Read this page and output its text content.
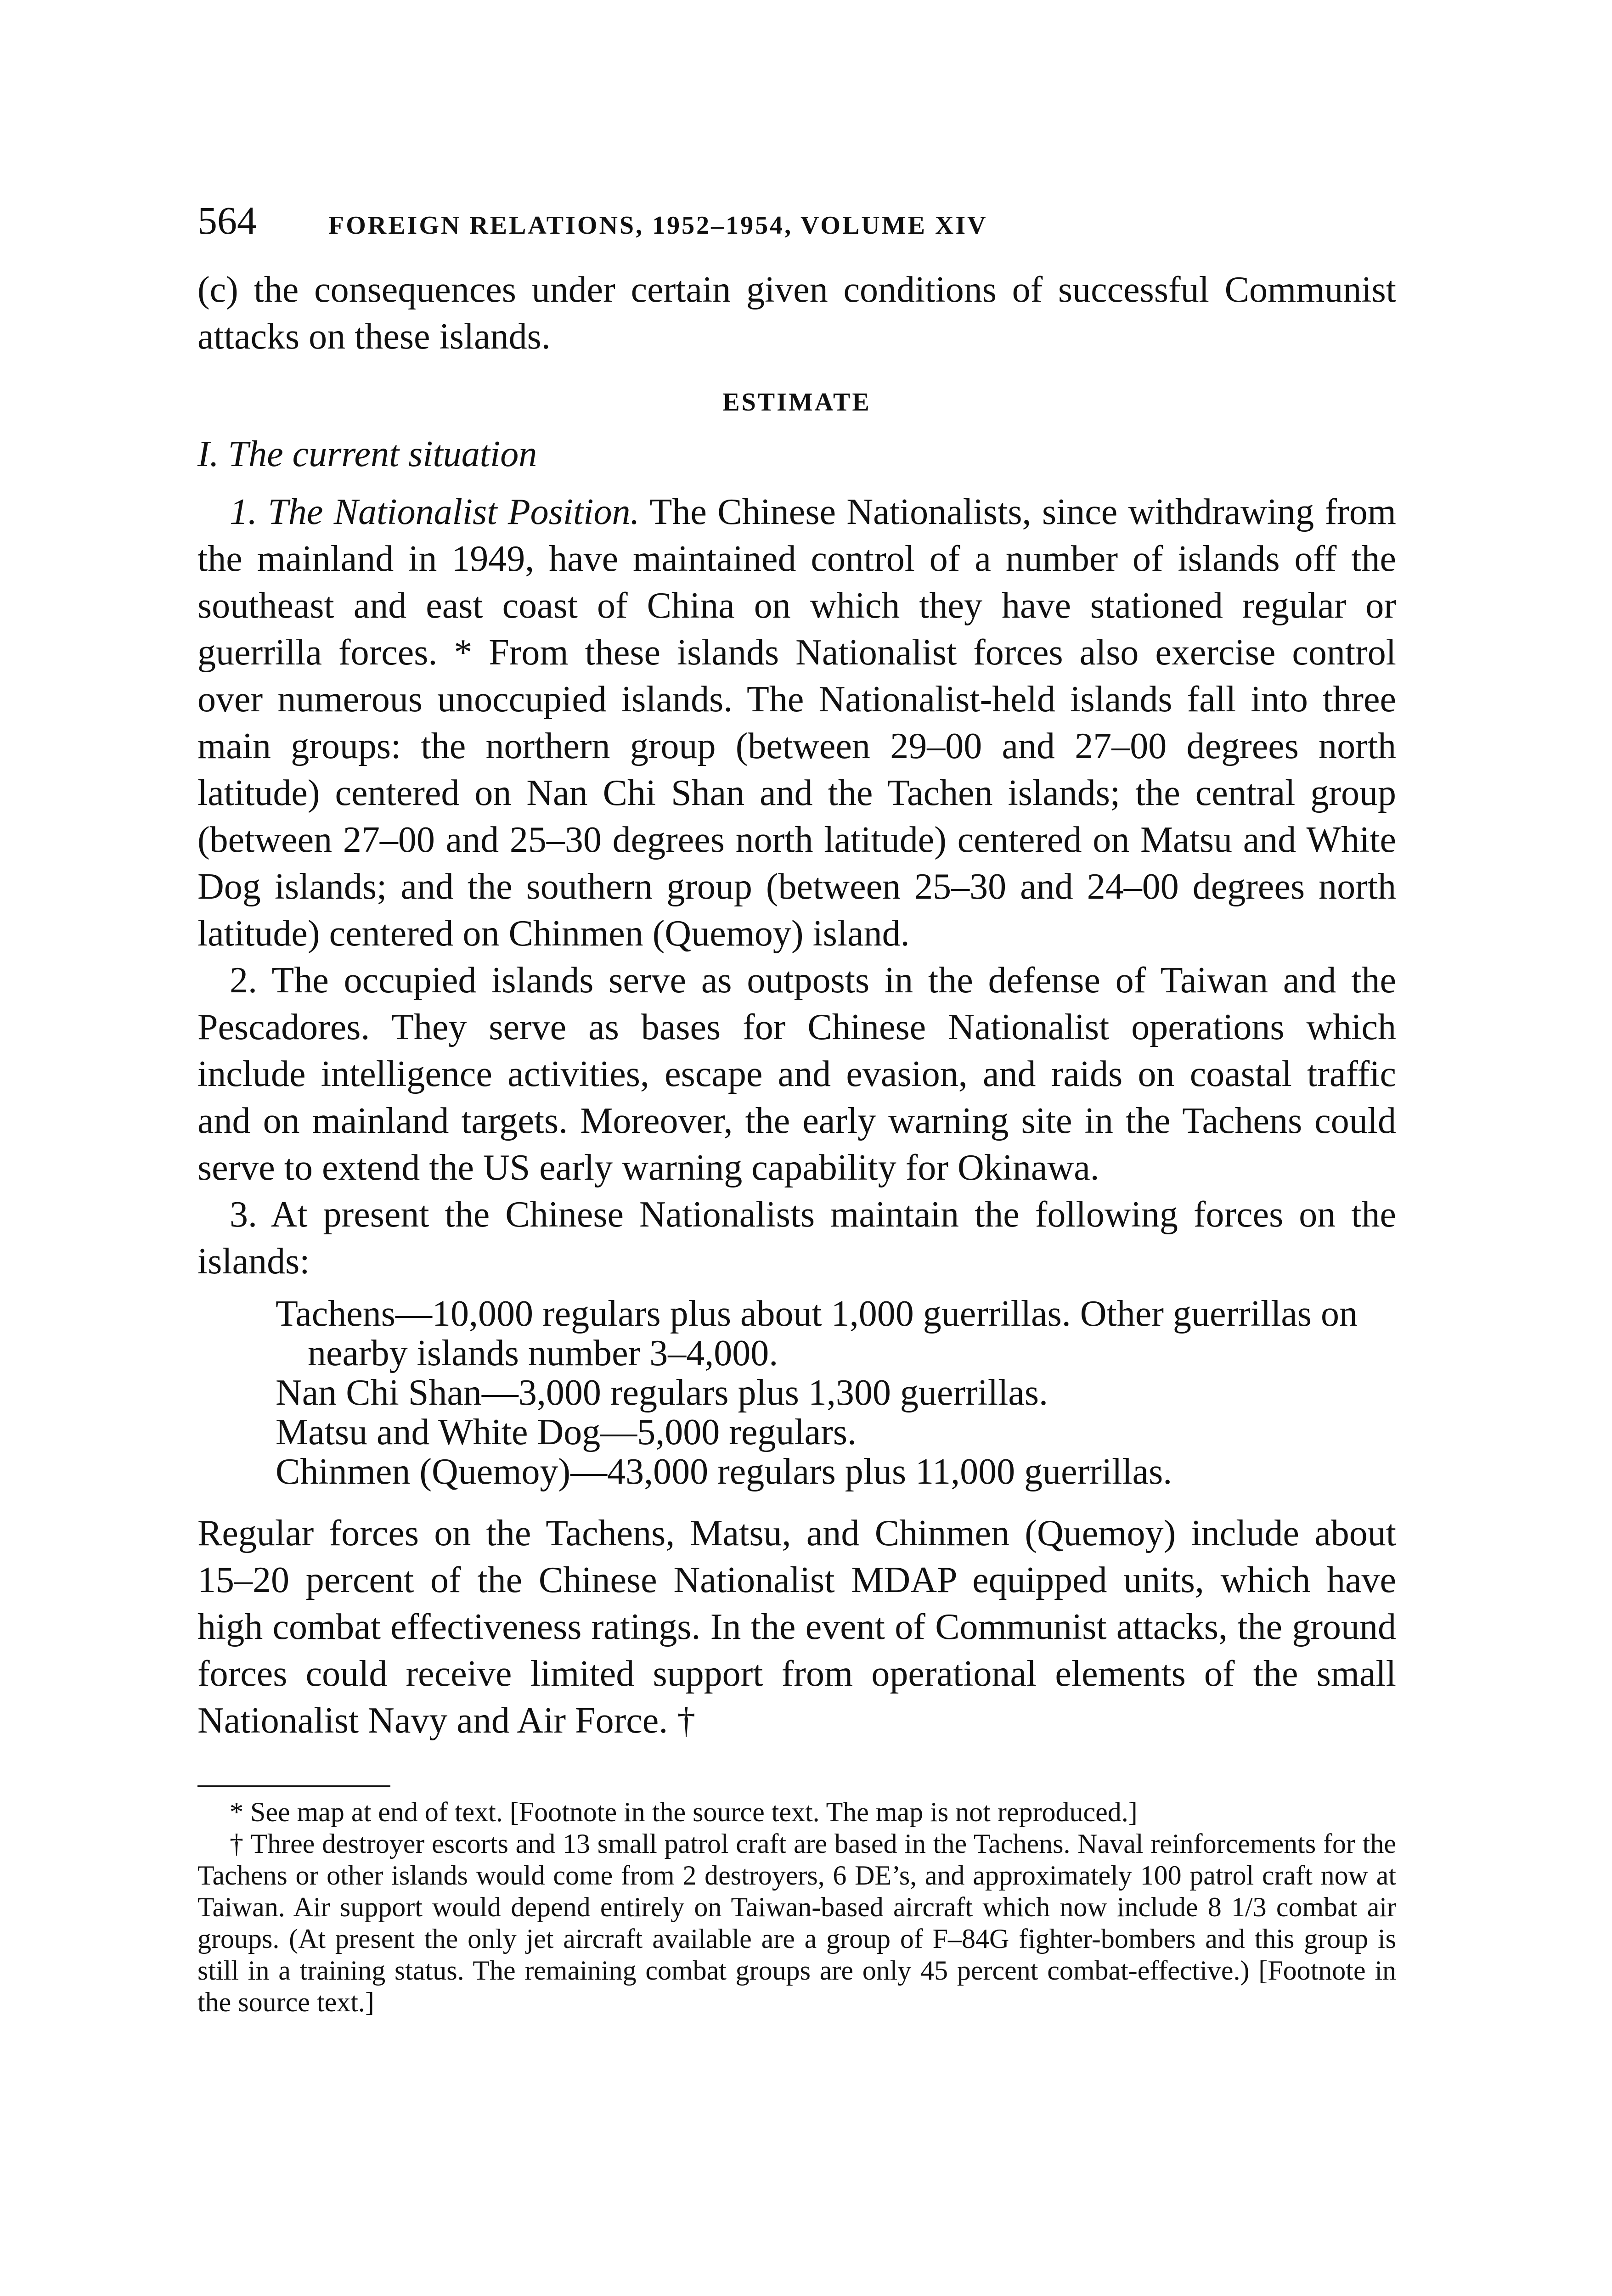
564	FOREIGN RELATIONS, 1952–1954, VOLUME XIV

(c) the consequences under certain given conditions of successful Communist attacks on these islands.

ESTIMATE
I. The current situation

1. The Nationalist Position. The Chinese Nationalists, since withdrawing from the mainland in 1949, have maintained control of a number of islands off the southeast and east coast of China on which they have stationed regular or guerrilla forces. * From these islands Nationalist forces also exercise control over numerous unoccupied islands. The Nationalist-held islands fall into three main groups: the northern group (between 29–00 and 27–00 degrees north latitude) centered on Nan Chi Shan and the Tachen islands; the central group (between 27–00 and 25–30 degrees north latitude) centered on Matsu and White Dog islands; and the southern group (between 25–30 and 24–00 degrees north latitude) centered on Chinmen (Quemoy) island.

2. The occupied islands serve as outposts in the defense of Taiwan and the Pescadores. They serve as bases for Chinese Nationalist operations which include intelligence activities, escape and evasion, and raids on coastal traffic and on mainland targets. Moreover, the early warning site in the Tachens could serve to extend the US early warning capability for Okinawa.

3. At present the Chinese Nationalists maintain the following forces on the islands:

Tachens—10,000 regulars plus about 1,000 guerrillas. Other guerrillas on nearby islands number 3–4,000.
Nan Chi Shan—3,000 regulars plus 1,300 guerrillas.
Matsu and White Dog—5,000 regulars.
Chinmen (Quemoy)—43,000 regulars plus 11,000 guerrillas.

Regular forces on the Tachens, Matsu, and Chinmen (Quemoy) include about 15–20 percent of the Chinese Nationalist MDAP equipped units, which have high combat effectiveness ratings. In the event of Communist attacks, the ground forces could receive limited support from operational elements of the small Nationalist Navy and Air Force. †

* See map at end of text. [Footnote in the source text. The map is not reproduced.]

† Three destroyer escorts and 13 small patrol craft are based in the Tachens. Naval reinforcements for the Tachens or other islands would come from 2 destroyers, 6 DE’s, and approximately 100 patrol craft now at Taiwan. Air support would depend entirely on Taiwan-based aircraft which now include 8 1/3 combat air groups. (At present the only jet aircraft available are a group of F–84G fighter-bombers and this group is still in a training status. The remaining combat groups are only 45 percent combat-effective.) [Footnote in the source text.]
